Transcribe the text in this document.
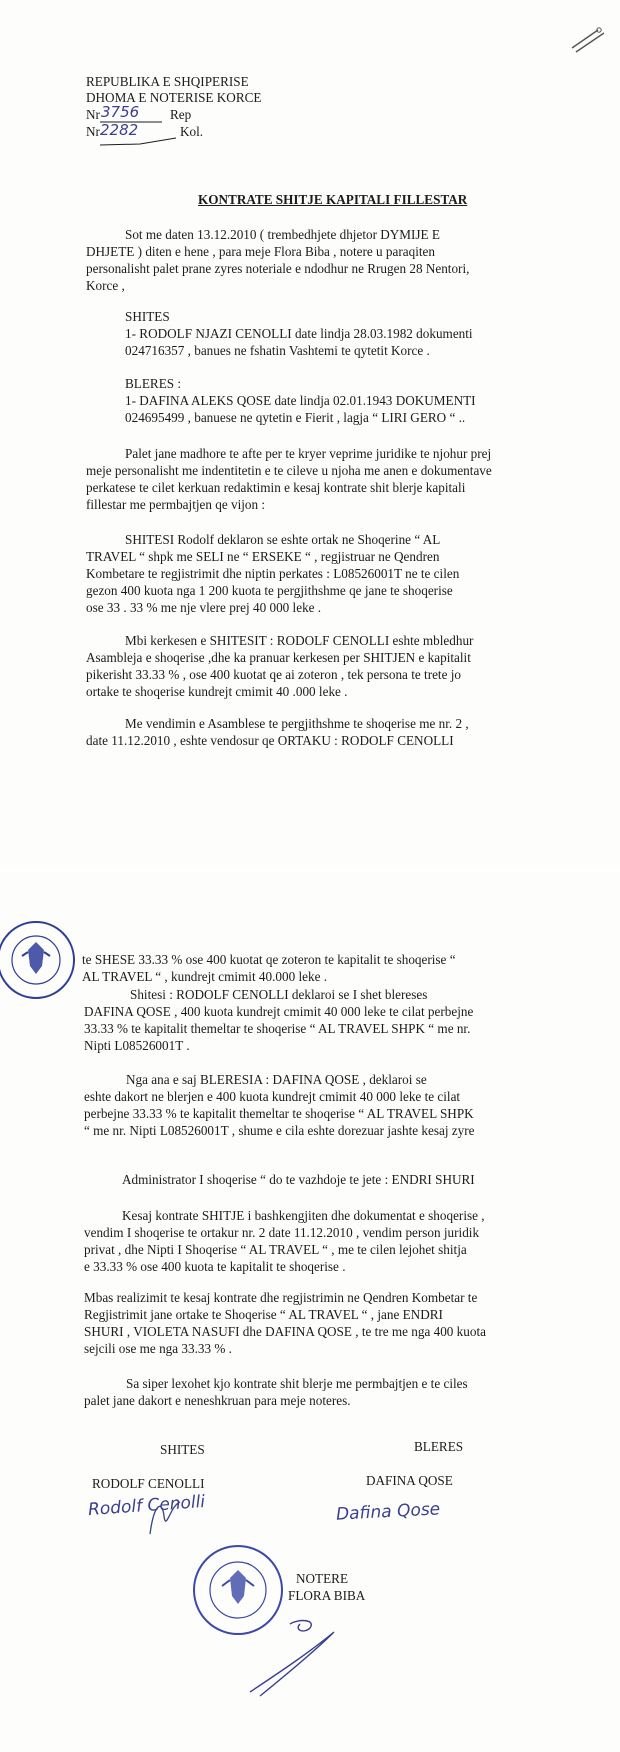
REPUBLIKA E SHQIPERISE

DHOMA E NOTERISE KORCE

Nr 3756 Rep

Nr 2282	Kol.

KONTRATE SHITJE KAPITALI FILLESTAR

Sot me daten 13.12.2010 ( trembedhjete dhjetor DYMIJE E

DHJETE ) diten e hene , para meje Flora Biba , notere u paraqiten

personalisht palet prane zyres noteriale e ndodhur ne Rrugen 28 Nentori,

Korce ,

SHITES

1- RODOLF NJAZI CENOLLI date lindja 28.03.1982 dokumenti

024716357 , banues ne fshatin Vashtemi te qytetit Korce .

BLERES :

1- DAFINA ALEKS QOSE date lindja 02.01.1943 DOKUMENTI

024695499 , banuese ne qytetin e Fierit , lagja “ LIRI GERO “ ..

Palet jane madhore te afte per te kryer veprime juridike te njohur prej

meje personalisht me indentitetin e te cileve u njoha me anen e dokumentave

perkatese te cilet kerkuan redaktimin e kesaj kontrate shit blerje kapitali

fillestar me permbajtjen qe vijon :

SHITESI Rodolf deklaron se eshte ortak ne Shoqerine “ AL

TRAVEL “ shpk me SELI ne “ ERSEKE “ , regjistruar ne Qendren

Kombetare te regjistrimit dhe niptin perkates : L08526001T ne te cilen

gezon 400 kuota nga 1 200 kuota te pergjithshme qe jane te shoqerise

ose 33 . 33 % me nje vlere prej 40 000 leke .

Mbi kerkesen e SHITESIT : RODOLF CENOLLI eshte mbledhur

Asambleja e shoqerise ,dhe ka pranuar kerkesen per SHITJEN e kapitalit

pikerisht 33.33 % , ose 400 kuotat qe ai zoteron , tek persona te trete jo

ortake te shoqerise kundrejt cmimit 40 .000 leke .

Me vendimin e Asamblese te pergjithshme te shoqerise me nr. 2 ,

date 11.12.2010 , eshte vendosur qe ORTAKU : RODOLF CENOLLI

te SHESE 33.33 % ose 400 kuotat qe zoteron te kapitalit te shoqerise “

AL TRAVEL “ , kundrejt cmimit 40.000 leke .

Shitesi : RODOLF CENOLLI deklaroi se I shet blereses

DAFINA QOSE , 400 kuota kundrejt cmimit 40 000 leke te cilat perbejne

33.33 % te kapitalit themeltar te shoqerise “ AL TRAVEL SHPK “ me nr.

Nipti L08526001T .

Nga ana e saj BLERESIA : DAFINA QOSE , deklaroi se

eshte dakort ne blerjen e 400 kuota kundrejt cmimit 40 000 leke te cilat

perbejne 33.33 % te kapitalit themeltar te shoqerise “ AL TRAVEL SHPK

“ me nr. Nipti L08526001T , shume e cila eshte dorezuar jashte kesaj zyre

Administrator I shoqerise “ do te vazhdoje te jete : ENDRI SHURI

Kesaj kontrate SHITJE i bashkengjiten dhe dokumentat e shoqerise ,

vendim I shoqerise te ortakur nr. 2 date 11.12.2010 , vendim person juridik

privat , dhe Nipti I Shoqerise “ AL TRAVEL “ , me te cilen lejohet shitja

e 33.33 % ose 400 kuota te kapitalit te shoqerise .

Mbas realizimit te kesaj kontrate dhe regjistrimin ne Qendren Kombetar te

Regjistrimit jane ortake te Shoqerise “ AL TRAVEL “ , jane ENDRI

SHURI , VIOLETA NASUFI dhe DAFINA QOSE , te tre me nga 400 kuota

sejcili ose me nga 33.33 % .

Sa siper lexohet kjo kontrate shit blerje me permbajtjen e te ciles

palet jane dakort e neneshkruan para meje noteres.

SHITES	BLERES

RODOLF CENOLLI	DAFINA QOSE

Rodolf Cenolli	Dafina Qose

NOTERE

FLORA BIBA
